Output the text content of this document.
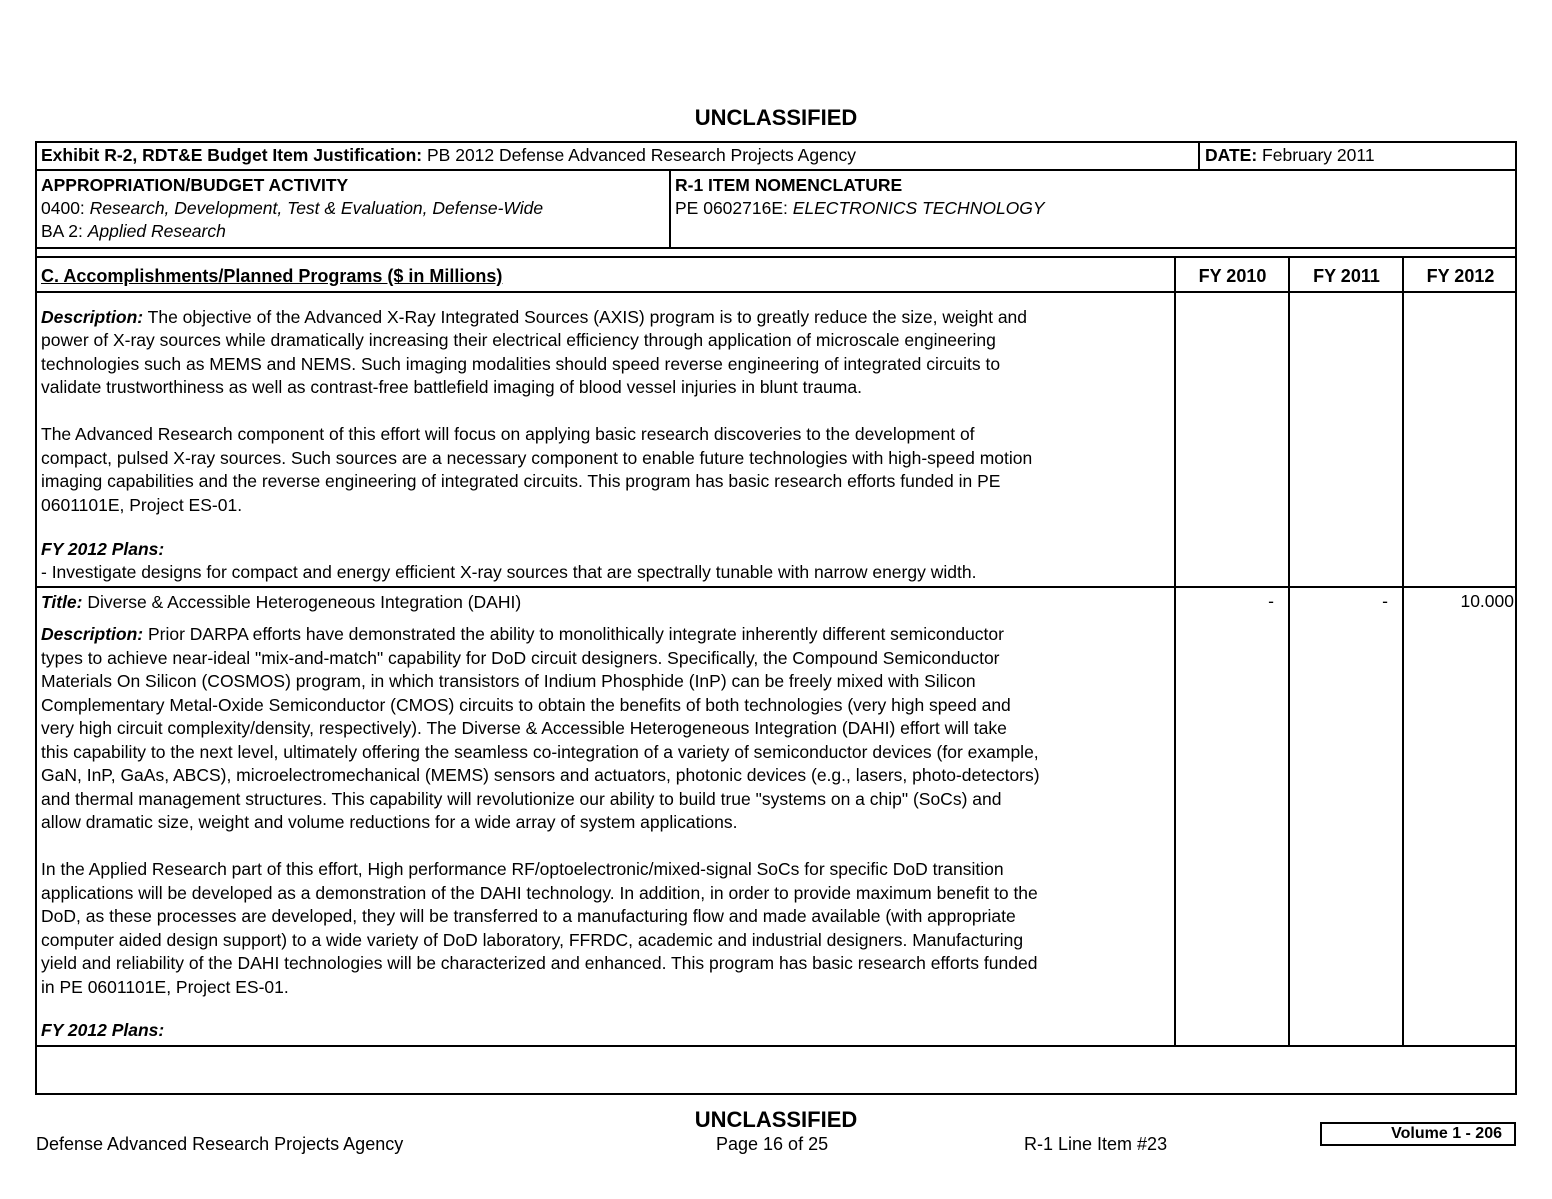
UNCLASSIFIED
Exhibit R-2, RDT&E Budget Item Justification: PB 2012 Defense Advanced Research Projects Agency	DATE: February 2011
APPROPRIATION/BUDGET ACTIVITY
0400: Research, Development, Test & Evaluation, Defense-Wide
BA 2: Applied Research
R-1 ITEM NOMENCLATURE
PE 0602716E: ELECTRONICS TECHNOLOGY
C. Accomplishments/Planned Programs ($ in Millions)	FY 2010	FY 2011	FY 2012
Description: The objective of the Advanced X-Ray Integrated Sources (AXIS) program is to greatly reduce the size, weight and
power of X-ray sources while dramatically increasing their electrical efficiency through application of microscale engineering
technologies such as MEMS and NEMS. Such imaging modalities should speed reverse engineering of integrated circuits to
validate trustworthiness as well as contrast-free battlefield imaging of blood vessel injuries in blunt trauma.
The Advanced Research component of this effort will focus on applying basic research discoveries to the development of
compact, pulsed X-ray sources. Such sources are a necessary component to enable future technologies with high-speed motion
imaging capabilities and the reverse engineering of integrated circuits. This program has basic research efforts funded in PE
0601101E, Project ES-01.
FY 2012 Plans:
- Investigate designs for compact and energy efficient X-ray sources that are spectrally tunable with narrow energy width.
Title: Diverse & Accessible Heterogeneous Integration (DAHI)	-	-	10.000
Description: Prior DARPA efforts have demonstrated the ability to monolithically integrate inherently different semiconductor
types to achieve near-ideal "mix-and-match" capability for DoD circuit designers. Specifically, the Compound Semiconductor
Materials On Silicon (COSMOS) program, in which transistors of Indium Phosphide (InP) can be freely mixed with Silicon
Complementary Metal-Oxide Semiconductor (CMOS) circuits to obtain the benefits of both technologies (very high speed and
very high circuit complexity/density, respectively). The Diverse & Accessible Heterogeneous Integration (DAHI) effort will take
this capability to the next level, ultimately offering the seamless co-integration of a variety of semiconductor devices (for example,
GaN, InP, GaAs, ABCS), microelectromechanical (MEMS) sensors and actuators, photonic devices (e.g., lasers, photo-detectors)
and thermal management structures. This capability will revolutionize our ability to build true "systems on a chip" (SoCs) and
allow dramatic size, weight and volume reductions for a wide array of system applications.
In the Applied Research part of this effort, High performance RF/optoelectronic/mixed-signal SoCs for specific DoD transition
applications will be developed as a demonstration of the DAHI technology. In addition, in order to provide maximum benefit to the
DoD, as these processes are developed, they will be transferred to a manufacturing flow and made available (with appropriate
computer aided design support) to a wide variety of DoD laboratory, FFRDC, academic and industrial designers. Manufacturing
yield and reliability of the DAHI technologies will be characterized and enhanced. This program has basic research efforts funded
in PE 0601101E, Project ES-01.
FY 2012 Plans:
UNCLASSIFIED
Defense Advanced Research Projects Agency	Page 16 of 25	R-1 Line Item #23
Volume 1 - 206
